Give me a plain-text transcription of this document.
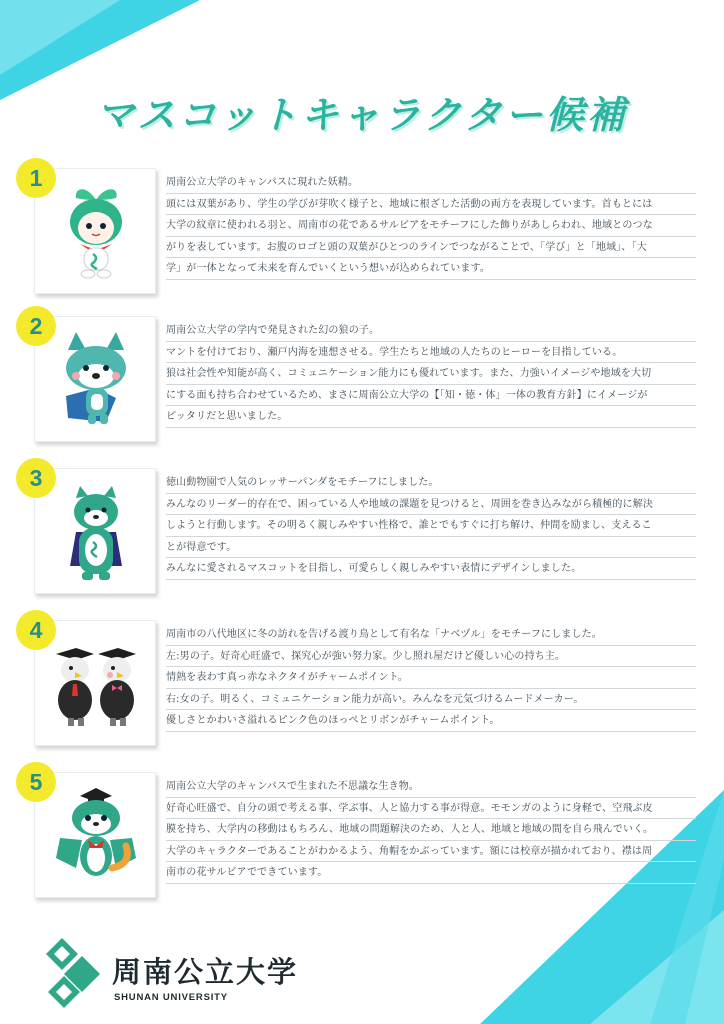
マスコットキャラクター候補
1	周南公立大学のキャンパスに現れた妖精。
頭には双葉があり、学生の学びが芽吹く様子と、地域に根ざした活動の両方を表現しています。首もとには
大学の紋章に使われる羽と、周南市の花であるサルビアをモチーフにした飾りがあしらわれ、地域とのつな
がりを表しています。お腹のロゴと頭の双葉がひとつのラインでつながることで、「学び」と「地域」、「大
学」が一体となって未来を育んでいくという想いが込められています。
2	周南公立大学の学内で発見された幻の狼の子。
マントを付けており、瀬戸内海を連想させる。学生たちと地域の人たちのヒーローを目指している。
狼は社会性や知能が高く、コミュニケーション能力にも優れています。また、力強いイメージや地域を大切
にする面も持ち合わせているため、まさに周南公立大学の【「知・徳・体」一体の教育方針】にイメージが
ピッタリだと思いました。
3	徳山動物園で人気のレッサーパンダをモチーフにしました。
みんなのリーダー的存在で、困っている人や地域の課題を見つけると、周囲を巻き込みながら積極的に解決
しようと行動します。その明るく親しみやすい性格で、誰とでもすぐに打ち解け、仲間を励まし、支えるこ
とが得意です。
みんなに愛されるマスコットを目指し、可愛らしく親しみやすい表情にデザインしました。
4	周南市の八代地区に冬の訪れを告げる渡り鳥として有名な「ナベヅル」をモチーフにしました。
左:男の子。好奇心旺盛で、探究心が強い努力家。少し照れ屋だけど優しい心の持ち主。
情熱を表わす真っ赤なネクタイがチャームポイント。
右:女の子。明るく、コミュニケーション能力が高い。みんなを元気づけるムードメーカー。
優しさとかわいさ溢れるピンク色のほっぺとリボンがチャームポイント。
5	周南公立大学のキャンパスで生まれた不思議な生き物。
好奇心旺盛で、自分の頭で考える事、学ぶ事、人と協力する事が得意。モモンガのように身軽で、空飛ぶ皮
膜を持ち、大学内の移動はもちろん、地域の問題解決のため、人と人、地域と地域の間を自ら飛んでいく。
大学のキャラクターであることがわかるよう、角帽をかぶっています。額には校章が描かれており、襟は周
南市の花サルビアでできています。
周南公立大学
SHUNAN UNIVERSITY
